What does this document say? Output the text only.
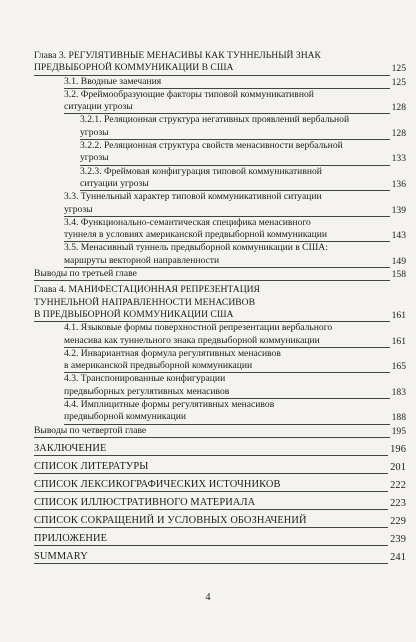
Глава 3. РЕГУЛЯТИВНЫЕ МЕНАСИВЫ КАК ТУННЕЛЬНЫЙ ЗНАК
ПРЕДВЫБОРНОЙ КОММУНИКАЦИИ В США	125
3.1. Вводные замечания	125
3.2. Фреймообразующие факторы типовой коммуникативной
ситуации угрозы	128
3.2.1. Реляционная структура негативных проявлений вербальной
угрозы	128
3.2.2. Реляционная структура свойств менасивности вербальной
угрозы	133
3.2.3. Фреймовая конфигурация типовой коммуникативной
ситуации угрозы	136
3.3. Туннельный характер типовой коммуникативной ситуации
угрозы	139
3.4. Функционально-семантическая специфика менасивного
туннеля в условиях американской предвыборной коммуникации	143
3.5. Менасивный туннель предвыборной коммуникации в США:
маршруты векторной направленности	149
Выводы по третьей главе	158
Глава 4. МАНИФЕСТАЦИОННАЯ РЕПРЕЗЕНТАЦИЯ
ТУННЕЛЬНОЙ НАПРАВЛЕННОСТИ МЕНАСИВОВ
В ПРЕДВЫБОРНОЙ КОММУНИКАЦИИ США	161
4.1. Языковые формы поверхностной репрезентации вербального
менасива как туннельного знака предвыборной коммуникации	161
4.2. Инвариантная формула регулятивных менасивов
в американской предвыборной коммуникации	165
4.3. Транспонированные конфигурации
предвыборных регулятивных менасивов	183
4.4. Имплицитные формы регулятивных менасивов
предвыборной коммуникации	188
Выводы по четвертой главе	195
ЗАКЛЮЧЕНИЕ	196
СПИСОК ЛИТЕРАТУРЫ	201
СПИСОК ЛЕКСИКОГРАФИЧЕСКИХ ИСТОЧНИКОВ	222
СПИСОК ИЛЛЮСТРАТИВНОГО МАТЕРИАЛА	223
СПИСОК СОКРАЩЕНИЙ И УСЛОВНЫХ ОБОЗНАЧЕНИЙ	229
ПРИЛОЖЕНИЕ	239
SUMMARY	241
4
